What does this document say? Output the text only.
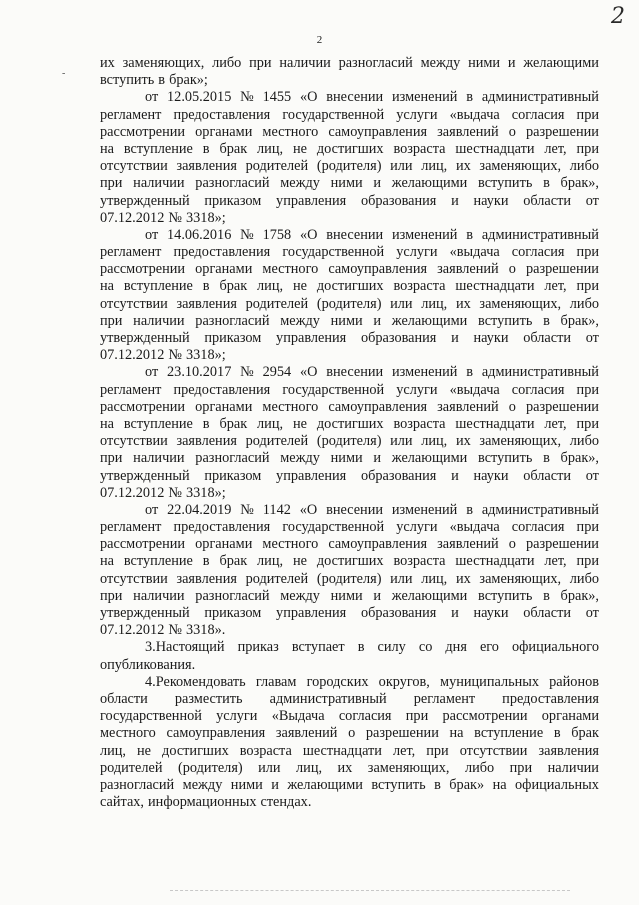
2
2
-
их заменяющих, либо при наличии разногласий между ними и желающими
вступить в брак»;
от 12.05.2015 № 1455 «О внесении изменений в административный
регламент предоставления государственной услуги «выдача согласия при
рассмотрении органами местного самоуправления заявлений о разрешении
на вступление в брак лиц, не достигших возраста шестнадцати лет, при
отсутствии заявления родителей (родителя) или лиц, их заменяющих, либо
при наличии разногласий между ними и желающими вступить в брак»,
утвержденный приказом управления образования и науки области от
07.12.2012 № 3318»;
от 14.06.2016 № 1758 «О внесении изменений в административный
регламент предоставления государственной услуги «выдача согласия при
рассмотрении органами местного самоуправления заявлений о разрешении
на вступление в брак лиц, не достигших возраста шестнадцати лет, при
отсутствии заявления родителей (родителя) или лиц, их заменяющих, либо
при наличии разногласий между ними и желающими вступить в брак»,
утвержденный приказом управления образования и науки области от
07.12.2012 № 3318»;
от 23.10.2017 № 2954 «О внесении изменений в административный
регламент предоставления государственной услуги «выдача согласия при
рассмотрении органами местного самоуправления заявлений о разрешении
на вступление в брак лиц, не достигших возраста шестнадцати лет, при
отсутствии заявления родителей (родителя) или лиц, их заменяющих, либо
при наличии разногласий между ними и желающими вступить в брак»,
утвержденный приказом управления образования и науки области от
07.12.2012 № 3318»;
от 22.04.2019 № 1142 «О внесении изменений в административный
регламент предоставления государственной услуги «выдача согласия при
рассмотрении органами местного самоуправления заявлений о разрешении
на вступление в брак лиц, не достигших возраста шестнадцати лет, при
отсутствии заявления родителей (родителя) или лиц, их заменяющих, либо
при наличии разногласий между ними и желающими вступить в брак»,
утвержденный приказом управления образования и науки области от
07.12.2012 № 3318».
3.Настоящий приказ вступает в силу со дня его официального
опубликования.
4.Рекомендовать главам городских округов, муниципальных районов
области разместить административный регламент предоставления
государственной услуги «Выдача согласия при рассмотрении органами
местного самоуправления заявлений о разрешении на вступление в брак
лиц, не достигших возраста шестнадцати лет, при отсутствии заявления
родителей (родителя) или лиц, их заменяющих, либо при наличии
разногласий между ними и желающими вступить в брак» на официальных
сайтах, информационных стендах.
